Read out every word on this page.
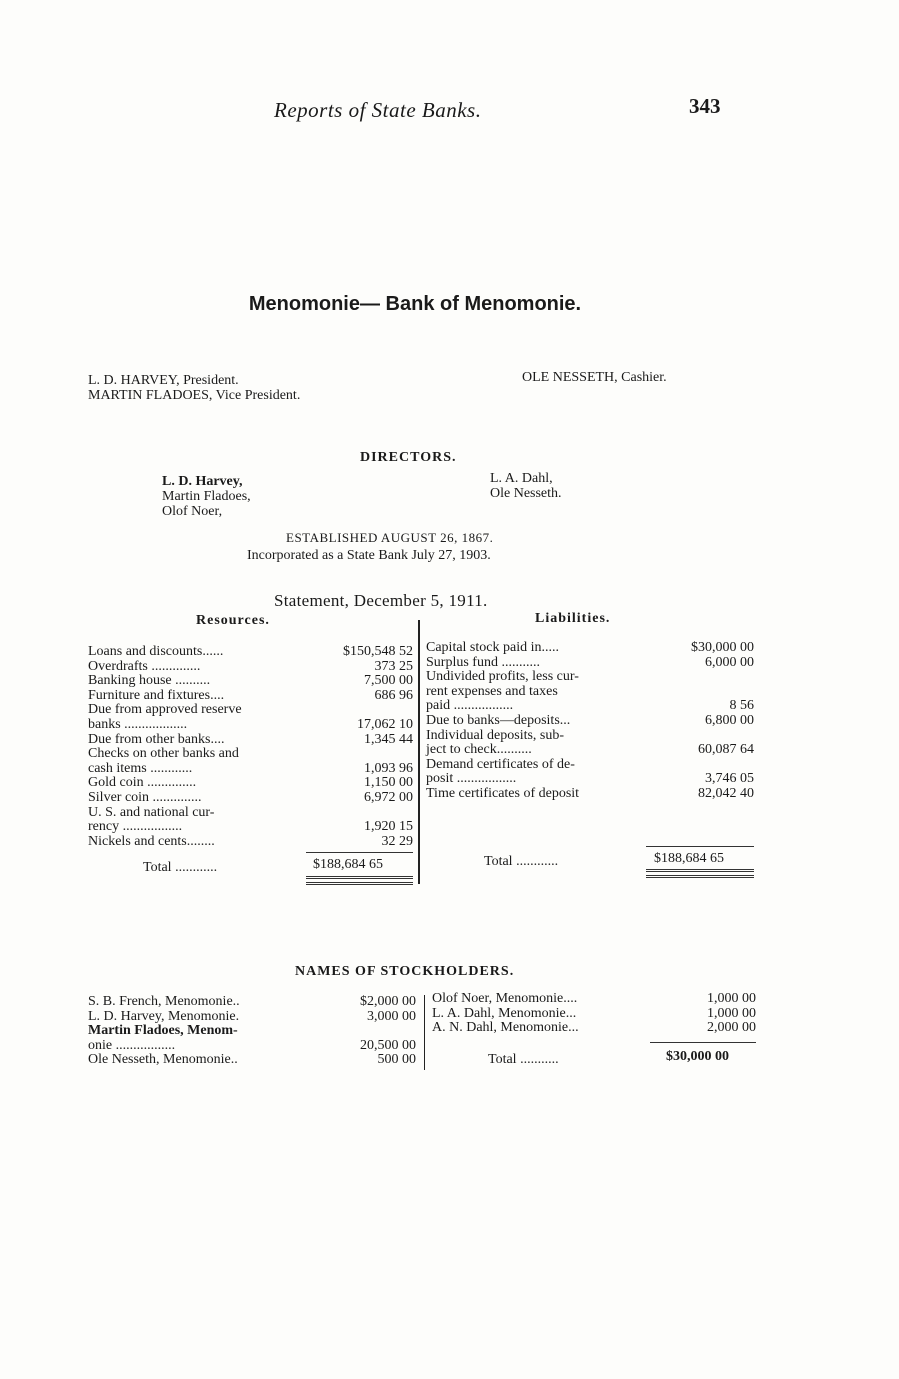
Reports of State Banks.	343
Menomonie— Bank of Menomonie.
L. D. HARVEY, President.
MARTIN FLADOES, Vice President.
OLE NESSETH, Cashier.
DIRECTORS.
L. D. Harvey,
Martin Fladoes,
Olof Noer,
L. A. Dahl,
Ole Nesseth.
ESTABLISHED AUGUST 26, 1867.
Incorporated as a State Bank July 27, 1903.
Statement, December 5, 1911.
Resources.	Liabilities.
Loans and discounts......	$150,548 52
Overdrafts ..............	373 25
Banking house ..........	7,500 00
Furniture and fixtures....	686 96
Due from approved reserve
banks ..................	17,062 10
Due from other banks....	1,345 44
Checks on other banks and
cash items ............	1,093 96
Gold coin ..............	1,150 00
Silver coin ..............	6,972 00
U. S. and national cur-
rency .................	1,920 15
Nickels and cents........	32 29
Total ............	$188,684 65
Capital stock paid in.....	$30,000 00
Surplus fund ...........	6,000 00
Undivided profits, less cur-
rent expenses and taxes
paid .................	8 56
Due to banks—deposits...	6,800 00
Individual deposits, sub-
ject to check..........	60,087 64
Demand certificates of de-
posit .................	3,746 05
Time certificates of deposit	82,042 40
Total ............	$188,684 65
NAMES OF STOCKHOLDERS.
S. B. French, Menomonie..	$2,000 00
L. D. Harvey, Menomonie.	3,000 00
Martin Fladoes, Menom-
onie .................	20,500 00
Ole Nesseth, Menomonie..	500 00
Olof Noer, Menomonie....	1,000 00
L. A. Dahl, Menomonie...	1,000 00
A. N. Dahl, Menomonie...	2,000 00
Total ...........	$30,000 00
